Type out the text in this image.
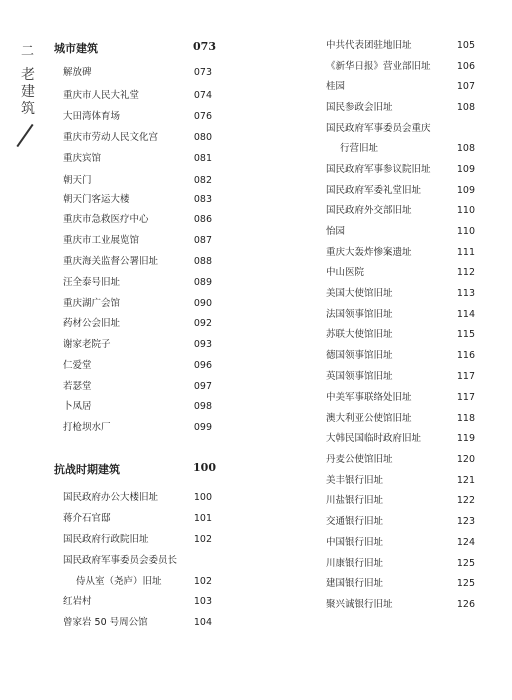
二
老
建
筑
城市建筑	073
解放碑	073
重庆市人民大礼堂	074
大田湾体育场	076
重庆市劳动人民文化宫	080
重庆宾馆	081
朝天门	082
朝天门客运大楼	083
重庆市急救医疗中心	086
重庆市工业展览馆	087
重庆海关监督公署旧址	088
汪全泰号旧址	089
重庆湖广会馆	090
药材公会旧址	092
谢家老院子	093
仁爱堂	096
若瑟堂	097
卜凤居	098
打枪坝水厂	099
抗战时期建筑	100
国民政府办公大楼旧址	100
蒋介石官邸	101
国民政府行政院旧址	102
国民政府军事委员会委员长
侍从室（尧庐）旧址	102
红岩村	103
曾家岩 50 号周公馆	104
中共代表团驻地旧址	105
《新华日报》营业部旧址	106
桂园	107
国民参政会旧址	108
国民政府军事委员会重庆
行营旧址	108
国民政府军事参议院旧址	109
国民政府军委礼堂旧址	109
国民政府外交部旧址	110
怡园	110
重庆大轰炸惨案遗址	111
中山医院	112
美国大使馆旧址	113
法国领事馆旧址	114
苏联大使馆旧址	115
德国领事馆旧址	116
英国领事馆旧址	117
中美军事联络处旧址	117
澳大利亚公使馆旧址	118
大韩民国临时政府旧址	119
丹麦公使馆旧址	120
美丰银行旧址	121
川盐银行旧址	122
交通银行旧址	123
中国银行旧址	124
川康银行旧址	125
建国银行旧址	125
聚兴诚银行旧址	126
